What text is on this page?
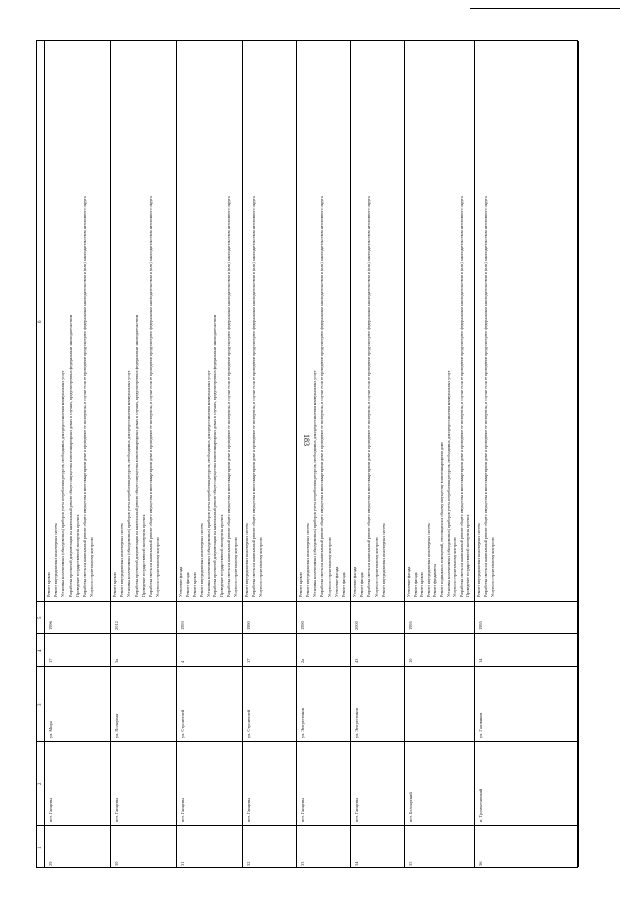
183
1
2
3
4
5
6
29
пгт. Ганцевы
ул. Мира
17
1996
Ремонт кровли Ремонт внутридомовых инженерных систем Установка коллективных (общедомовых) приборов учета потребления ресурсов, необходимых для предоставления коммунальных услуг Разработка проектной документации на капитальный ремонт общего имущества в многоквартирных домах в случаях, предусмотренных федеральным законодательством Проведение государственной экспертизы проекта Разработка сметы на капитальный ремонт общего имущества в многоквартирном доме и проведение ее экспертизы, в случае если ее проведение предусмотрено федеральным законодательством и (или) законодательством автономного округа Услуги по строительному контролю
30
пгт. Ганцевы
ул. Полярная
3а
2012
Ремонт кровли Ремонт внутридомовых инженерных систем Установка коллективных (общедомовых) приборов учета потребления ресурсов, необходимых для предоставления коммунальных услуг Разработка проектной документации на капитальный ремонт общего имущества в многоквартирных домах в случаях, предусмотренных федеральным законодательством Проведение государственной экспертизы проекта Разработка сметы на капитальный ремонт общего имущества в многоквартирном доме и проведение ее экспертизы, в случае если ее проведение предусмотрено федеральным законодательством и (или) законодательством автономного округа Услуги по строительному контролю
31
пгт. Ганцевы
ул. Строителей
4
1993
Утепление фасада Ремонт фасада Ремонт кровли Ремонт внутридомовых инженерных систем Установка коллективных (общедомовых) приборов учета потребления ресурсов, необходимых для предоставления коммунальных услуг Разработка проектной документации на капитальный ремонт общего имущества в многоквартирных домах в случаях, предусмотренных федеральным законодательством Проведение государственной экспертизы проекта Разработка сметы на капитальный ремонт общего имущества в многоквартирном доме и проведение ее экспертизы, в случае если ее проведение предусмотрено федеральным законодательством и (или) законодательством автономного округа Услуги по строительному контролю
32
пгт. Ганцевы
ул. Строителей
17
1990
Ремонт внутридомовых инженерных систем Разработка сметы на капитальный ремонт общего имущества в многоквартирном доме и проведение ее экспертизы, в случае если ее проведение предусмотрено федеральным законодательством и (или) законодательством автономного округа Услуги по строительному контролю
33
пгт. Ганцевы
ул. Энергетиков
2а
1990
Ремонт кровли Ремонт внутридомовых инженерных систем Установка коллективных (общедомовых) приборов учета потребления ресурсов, необходимых для предоставления коммунальных услуг Разработка сметы на капитальный ремонт общего имущества в многоквартирном доме и проведение ее экспертизы, в случае если ее проведение предусмотрено федеральным законодательством и (или) законодательством автономного округа Услуги по строительному контролю Утепление фасада Ремонт фасада
34
пгт. Ганцевы
ул. Энергетиков
43
2000
Утепление фасада Ремонт фасада Разработка сметы на капитальный ремонт общего имущества в многоквартирном доме и проведение ее экспертизы, в случае если ее проведение предусмотрено федеральным законодательством и (или) законодательством автономного округа Услуги по строительному контролю Ремонт внутридомовых инженерных систем
35
пгт. Белоярский
10
1995
Утепление фасада Ремонт фасада Ремонт кровли Ремонт внутридомовых инженерных систем Ремонт фундамента Ремонт подвальных помещений, относящихся к общему имуществу в многоквартирном доме Установка коллективных (общедомовых) приборов учета потребления ресурсов, необходимых для предоставления коммунальных услуг Услуги по строительному контролю Разработка сметы на капитальный ремонт общего имущества в многоквартирном доме и проведение ее экспертизы, в случае если ее проведение предусмотрено федеральным законодательством и (или) законодательством автономного округа Проведение государственной экспертизы проекта
36
п. Тромъеганский
ул. Газовиков
14
1995
Ремонт внутридомовых инженерных систем Разработка сметы на капитальный ремонт общего имущества в многоквартирном доме и проведение ее экспертизы, в случае если ее проведение предусмотрено федеральным законодательством и (или) законодательством автономного округа Услуги по строительному контролю
